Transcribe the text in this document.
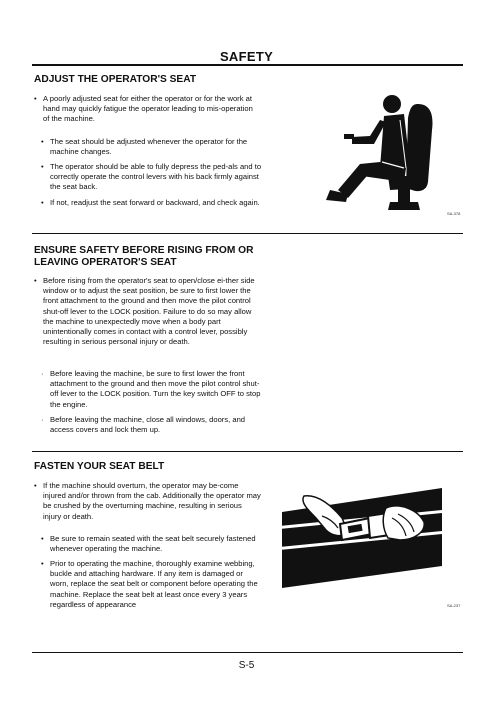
SAFETY
ADJUST THE OPERATOR'S SEAT

• A poorly adjusted seat for either the operator or for the work at hand may quickly fatigue the operator leading to mis-operation of the machine.

• The seat should be adjusted whenever the operator for the machine changes.

• The operator should be able to fully depress the ped-als and to correctly operate the control levers with his back firmly against the seat back.

• If not, readjust the seat forward or backward, and check again.

SA-378
ENSURE SAFETY BEFORE RISING FROM OR LEAVING OPERATOR'S SEAT

• Before rising from the operator's seat to open/close ei-ther side window or to adjust the seat position, be sure to first lower the front attachment to the ground and then move the pilot control shut-off lever to the LOCK position. Failure to do so may allow the machine to unexpectedly move when a body part unintentionally comes in contact with a control lever, possibly resulting in serious personal injury or death.

· Before leaving the machine, be sure to first lower the front attachment to the ground and then move the pilot control shut-off lever to the LOCK position. Turn the key switch OFF to stop the engine.

· Before leaving the machine, close all windows, doors, and access covers and lock them up.

FASTEN YOUR SEAT BELT

• If the machine should overturn, the operator may be-come injured and/or thrown from the cab. Additionally the operator may be crushed by the overturning machine, resulting in serious injury or death.

• Be sure to remain seated with the seat belt securely fastened whenever operating the machine.

• Prior to operating the machine, thoroughly examine webbing, buckle and attaching hardware. If any item is damaged or worn, replace the seat belt or component before operating the machine. Replace the seat belt at least once every 3 years regardless of appearance	SA-237
S-5
